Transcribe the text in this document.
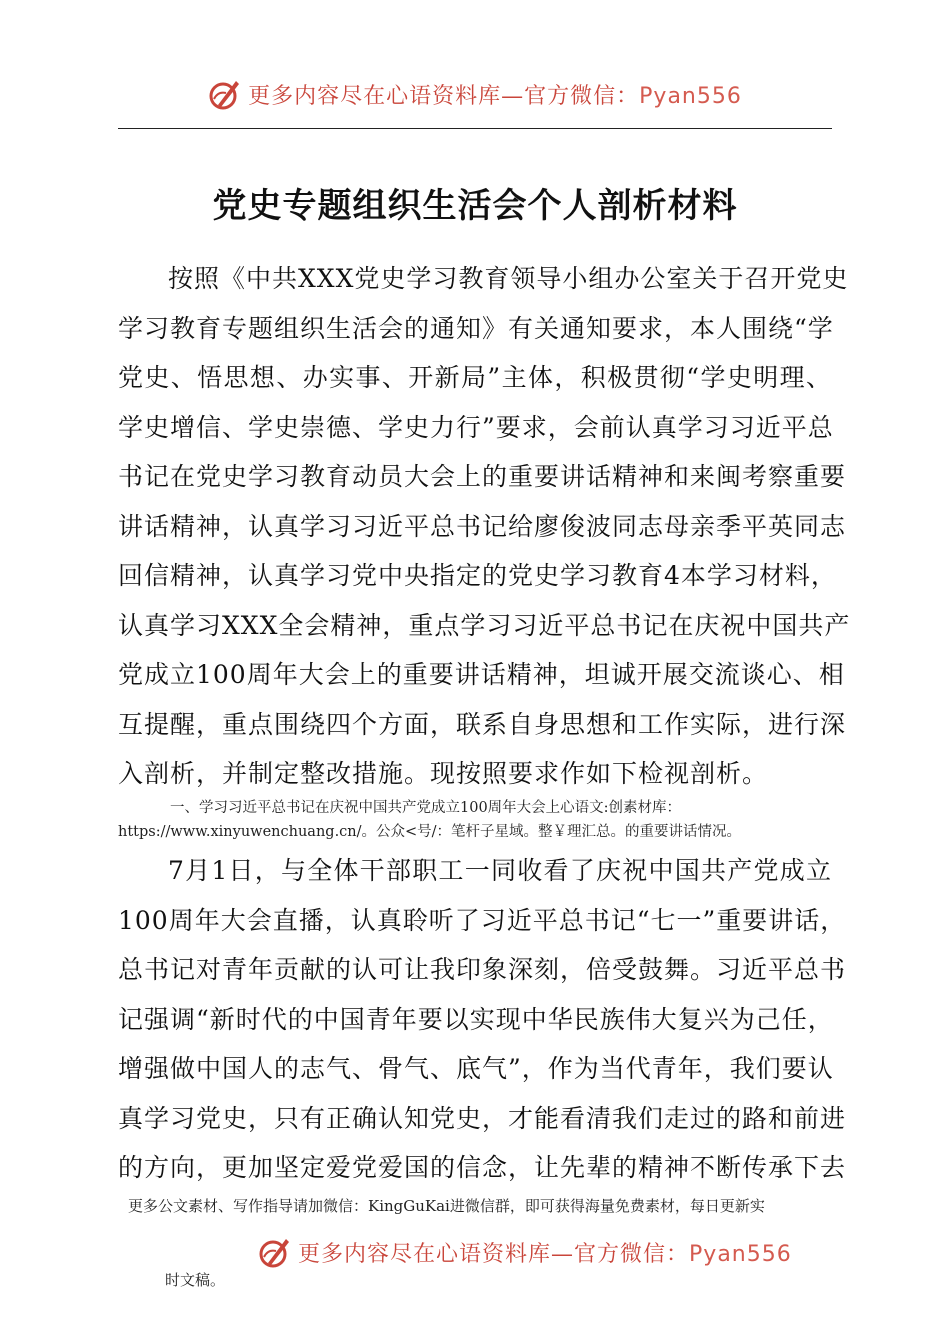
更多内容尽在心语资料库—官方微信：Pyan556
党史专题组织生活会个人剖析材料
按照《中共XXX党史学习教育领导小组办公室关于召开党史
学习教育专题组织生活会的通知》有关通知要求，本人围绕“学
党史、悟思想、办实事、开新局”主体，积极贯彻“学史明理、
学史增信、学史崇德、学史力行”要求，会前认真学习习近平总
书记在党史学习教育动员大会上的重要讲话精神和来闽考察重要
讲话精神，认真学习习近平总书记给廖俊波同志母亲季平英同志
回信精神，认真学习党中央指定的党史学习教育4本学习材料，
认真学习XXX全会精神，重点学习习近平总书记在庆祝中国共产
党成立100周年大会上的重要讲话精神，坦诚开展交流谈心、相
互提醒，重点围绕四个方面，联系自身思想和工作实际，进行深
入剖析，并制定整改措施。现按照要求作如下检视剖析。
一、学习习近平总书记在庆祝中国共产党成立100周年大会上心语文:创素材库：
https://www.xinyuwenchuang.cn/。公众<号/：笔杆子星域。整￥理汇总。的重要讲话情况。
7月1日，与全体干部职工一同收看了庆祝中国共产党成立
100周年大会直播，认真聆听了习近平总书记“七一”重要讲话，
总书记对青年贡献的认可让我印象深刻，倍受鼓舞。习近平总书
记强调“新时代的中国青年要以实现中华民族伟大复兴为己任，
增强做中国人的志气、骨气、底气”，作为当代青年，我们要认
真学习党史，只有正确认知党史，才能看清我们走过的路和前进
的方向，更加坚定爱党爱国的信念，让先辈的精神不断传承下去
更多公文素材、写作指导请加微信：KingGuKai进微信群，即可获得海量免费素材，每日更新实
更多内容尽在心语资料库—官方微信：Pyan556
时文稿。
